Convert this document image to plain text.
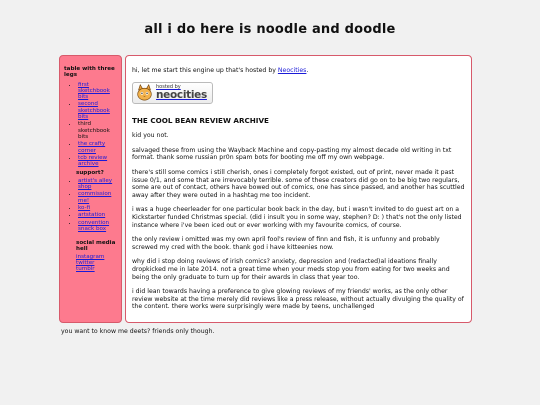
all i do here is noodle and doodle
table with three legs
• first sketchbook bits
• second sketchbook bits
• third sketchbook bits
• the crafty corner
• tcb review archive
support?
• artist's alley shop
• commission me!
• ko-fi
• artstation
• convention snack box
social media hell
instagram
twitter
tumblr

hi, let me start this engine up that's hosted by Neocities.

hosted by
neocities
THE COOL BEAN REVIEW ARCHIVE

kid you not.

salvaged these from using the Wayback Machine and copy-pasting my almost decade old writing in txt format. thank some russian pr0n spam bots for booting me off my own webpage.

there's still some comics i still cherish, ones i completely forgot existed, out of print, never made it past issue 0/1, and some that are irrevocably terrible. some of these creators did go on to be big two regulars, some are out of contact, others have bowed out of comics, one has since passed, and another has scuttled away after they were outed in a hashtag me too incident.

i was a huge cheerleader for one particular book back in the day, but i wasn't invited to do guest art on a Kickstarter funded Christmas special. (did i insult you in some way, stephen? D: ) that's not the only listed instance where i've been iced out or ever working with my favourite comics, of course.

the only review i omitted was my own april fool's review of finn and fish, it is unfunny and probably screwed my cred with the book. thank god i have kitteenies now.

why did i stop doing reviews of irish comics? anxiety, depression and (redacted)al ideations finally dropkicked me in late 2014. not a great time when your meds stop you from eating for two weeks and being the only graduate to turn up for their awards in class that year too.

i did lean towards having a preference to give glowing reviews of my friends' works, as the only other review website at the time merely did reviews like a press release, without actually divulging the quality of the content. there works were surprisingly were made by teens, unchallenged

you want to know me deets? friends only though.
